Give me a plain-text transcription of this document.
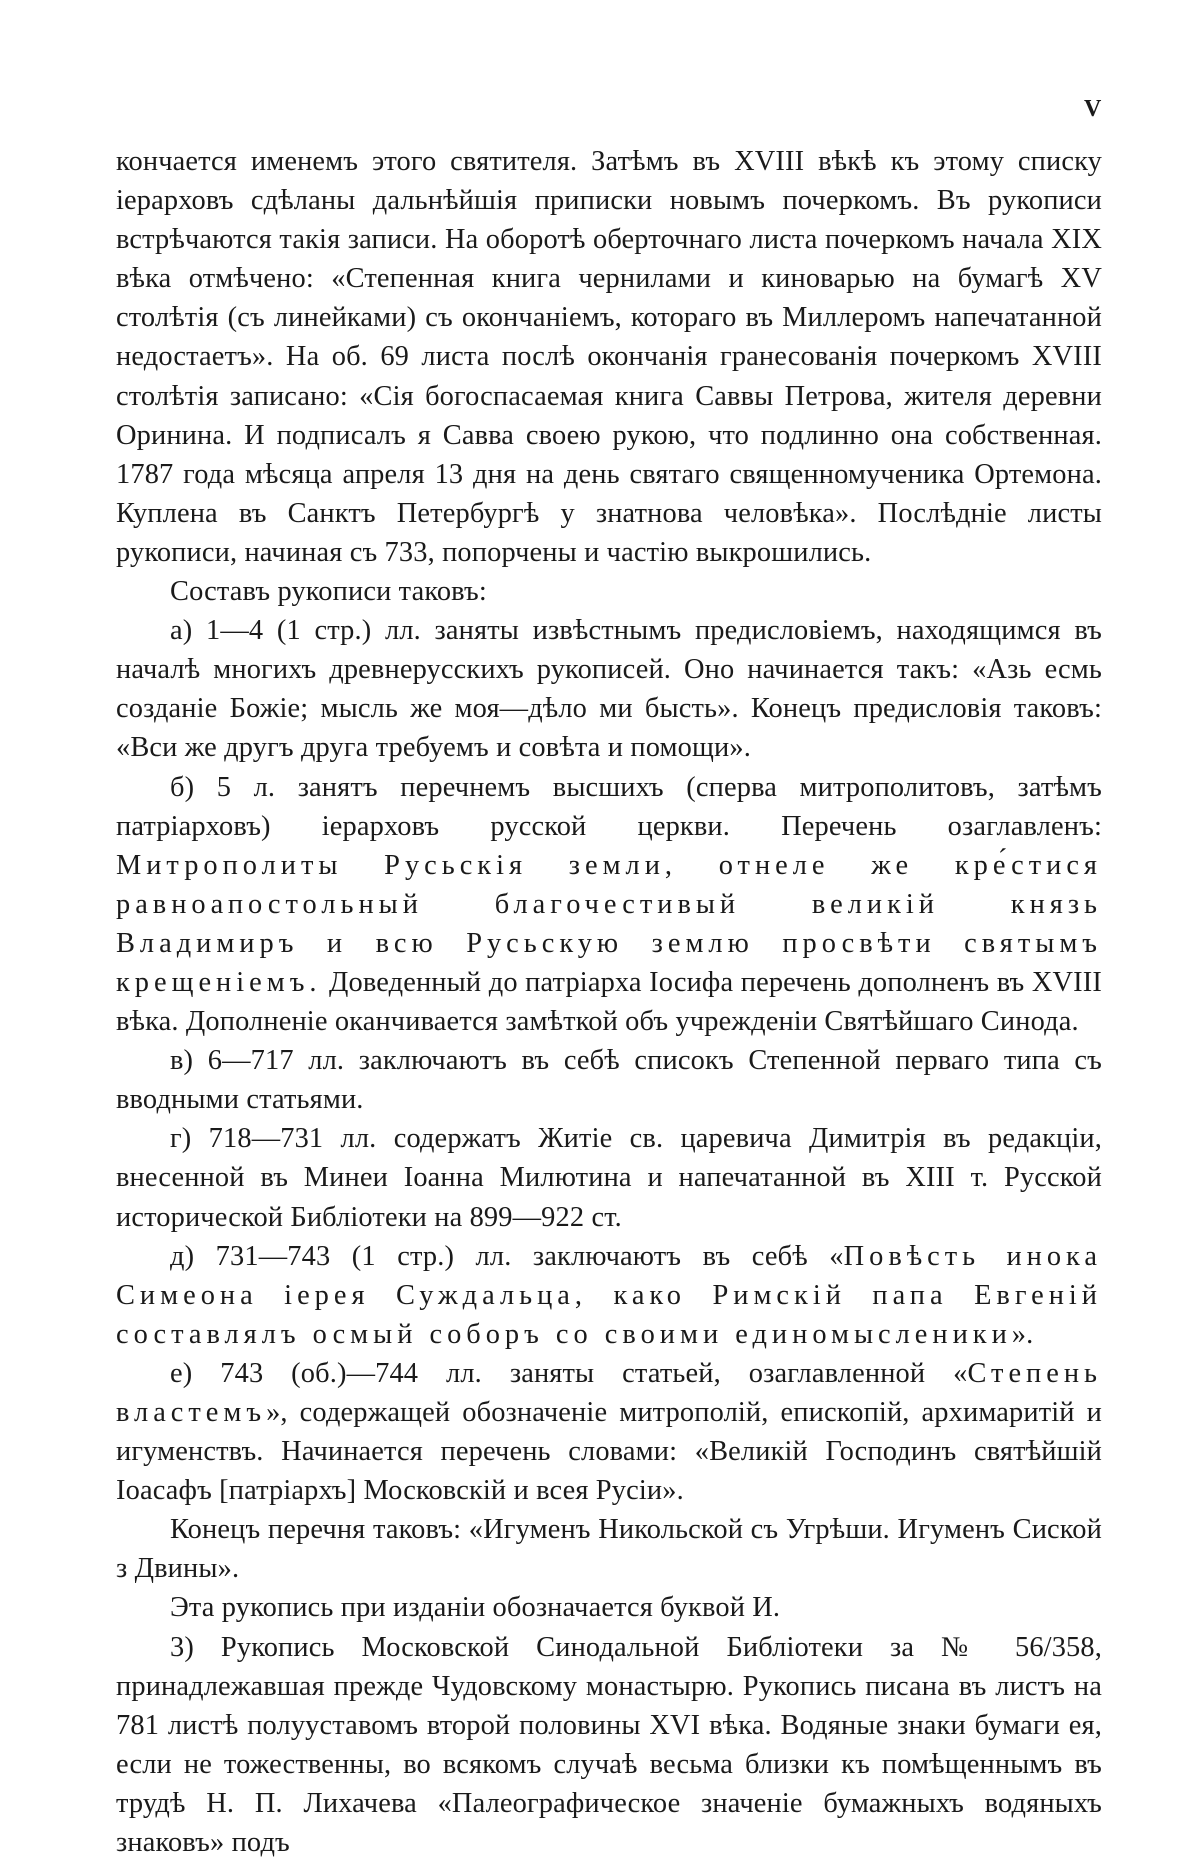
V

кончается именемъ этого святителя. Затѣмъ въ XVIII вѣкѣ къ этому списку іерарховъ сдѣланы дальнѣйшія приписки новымъ почеркомъ. Въ рукописи встрѣчаются такія записи. На оборотѣ оберточнаго листа почеркомъ начала XIX вѣка отмѣчено: «Степенная книга чернилами и киноварью на бумагѣ XV столѣтія (съ линейками) съ окончаніемъ, котораго въ Миллеромъ напечатанной недостаетъ». На об. 69 листа послѣ окончанія гранесованія почеркомъ XVIII столѣтія записано: «Сія богоспасаемая книга Саввы Петрова, жителя деревни Оринина. И подписалъ я Савва своею рукою, что подлинно она собственная. 1787 года мѣсяца апреля 13 дня на день святаго священномученика Ортемона. Куплена въ Санктъ Петербургѣ у знатнова человѣка». Послѣдніе листы рукописи, начиная съ 733, попорчены и частію выкрошились.

Составъ рукописи таковъ:

а) 1—4 (1 стр.) лл. заняты извѣстнымъ предисловіемъ, находящимся въ началѣ многихъ древнерусскихъ рукописей. Оно начинается такъ: «Азь есмь созданіе Божіе; мысль же моя—дѣло ми бысть». Конецъ предисловія таковъ: «Вси же другъ друга требуемъ и совѣта и помощи».

б) 5 л. занятъ перечнемъ высшихъ (сперва митрополитовъ, затѣмъ патріарховъ) іерарховъ русской церкви. Перечень озаглавленъ: Митрополиты Русьскія земли, отнеле же кре́стися равноапостольный благочестивый великій князь Владимиръ и всю Русьскую землю просвѣти святымъ крещеніемъ. Доведенный до патріарха Іосифа перечень дополненъ въ XVIII вѣка. Дополненіе оканчивается замѣткой объ учрежденіи Святѣйшаго Синода.

в) 6—717 лл. заключаютъ въ себѣ списокъ Степенной перваго типа съ вводными статьями.

г) 718—731 лл. содержатъ Житіе св. царевича Димитрія въ редакціи, внесенной въ Минеи Іоанна Милютина и напечатанной въ XIII т. Русской исторической Библіотеки на 899—922 ст.

д) 731—743 (1 стр.) лл. заключаютъ въ себѣ «Повѣсть инока Симеона іерея Суждальца, како Римскій папа Евгеній составлялъ осмый соборъ со своими единомысленики».

е) 743 (об.)—744 лл. заняты статьей, озаглавленной «Степень властемъ», содержащей обозначеніе митрополій, епископій, архимаритій и игуменствъ. Начинается перечень словами: «Великій Господинъ святѣйшій Іоасафъ [патріархъ] Московскій и всея Русіи».

Конецъ перечня таковъ: «Игуменъ Никольской съ Угрѣши. Игуменъ Сиской з Двины».

Эта рукопись при изданіи обозначается буквой И.

3) Рукопись Московской Синодальной Библіотеки за № 56/358, принадлежавшая прежде Чудовскому монастырю. Рукопись писана въ листъ на 781 листѣ полууставомъ второй половины XVI вѣка. Водяные знаки бумаги ея, если не тожественны, во всякомъ случаѣ весьма близки къ помѣщеннымъ въ трудѣ Н. П. Лихачева «Палеографическое значеніе бумажныхъ водяныхъ знаковъ» подъ
